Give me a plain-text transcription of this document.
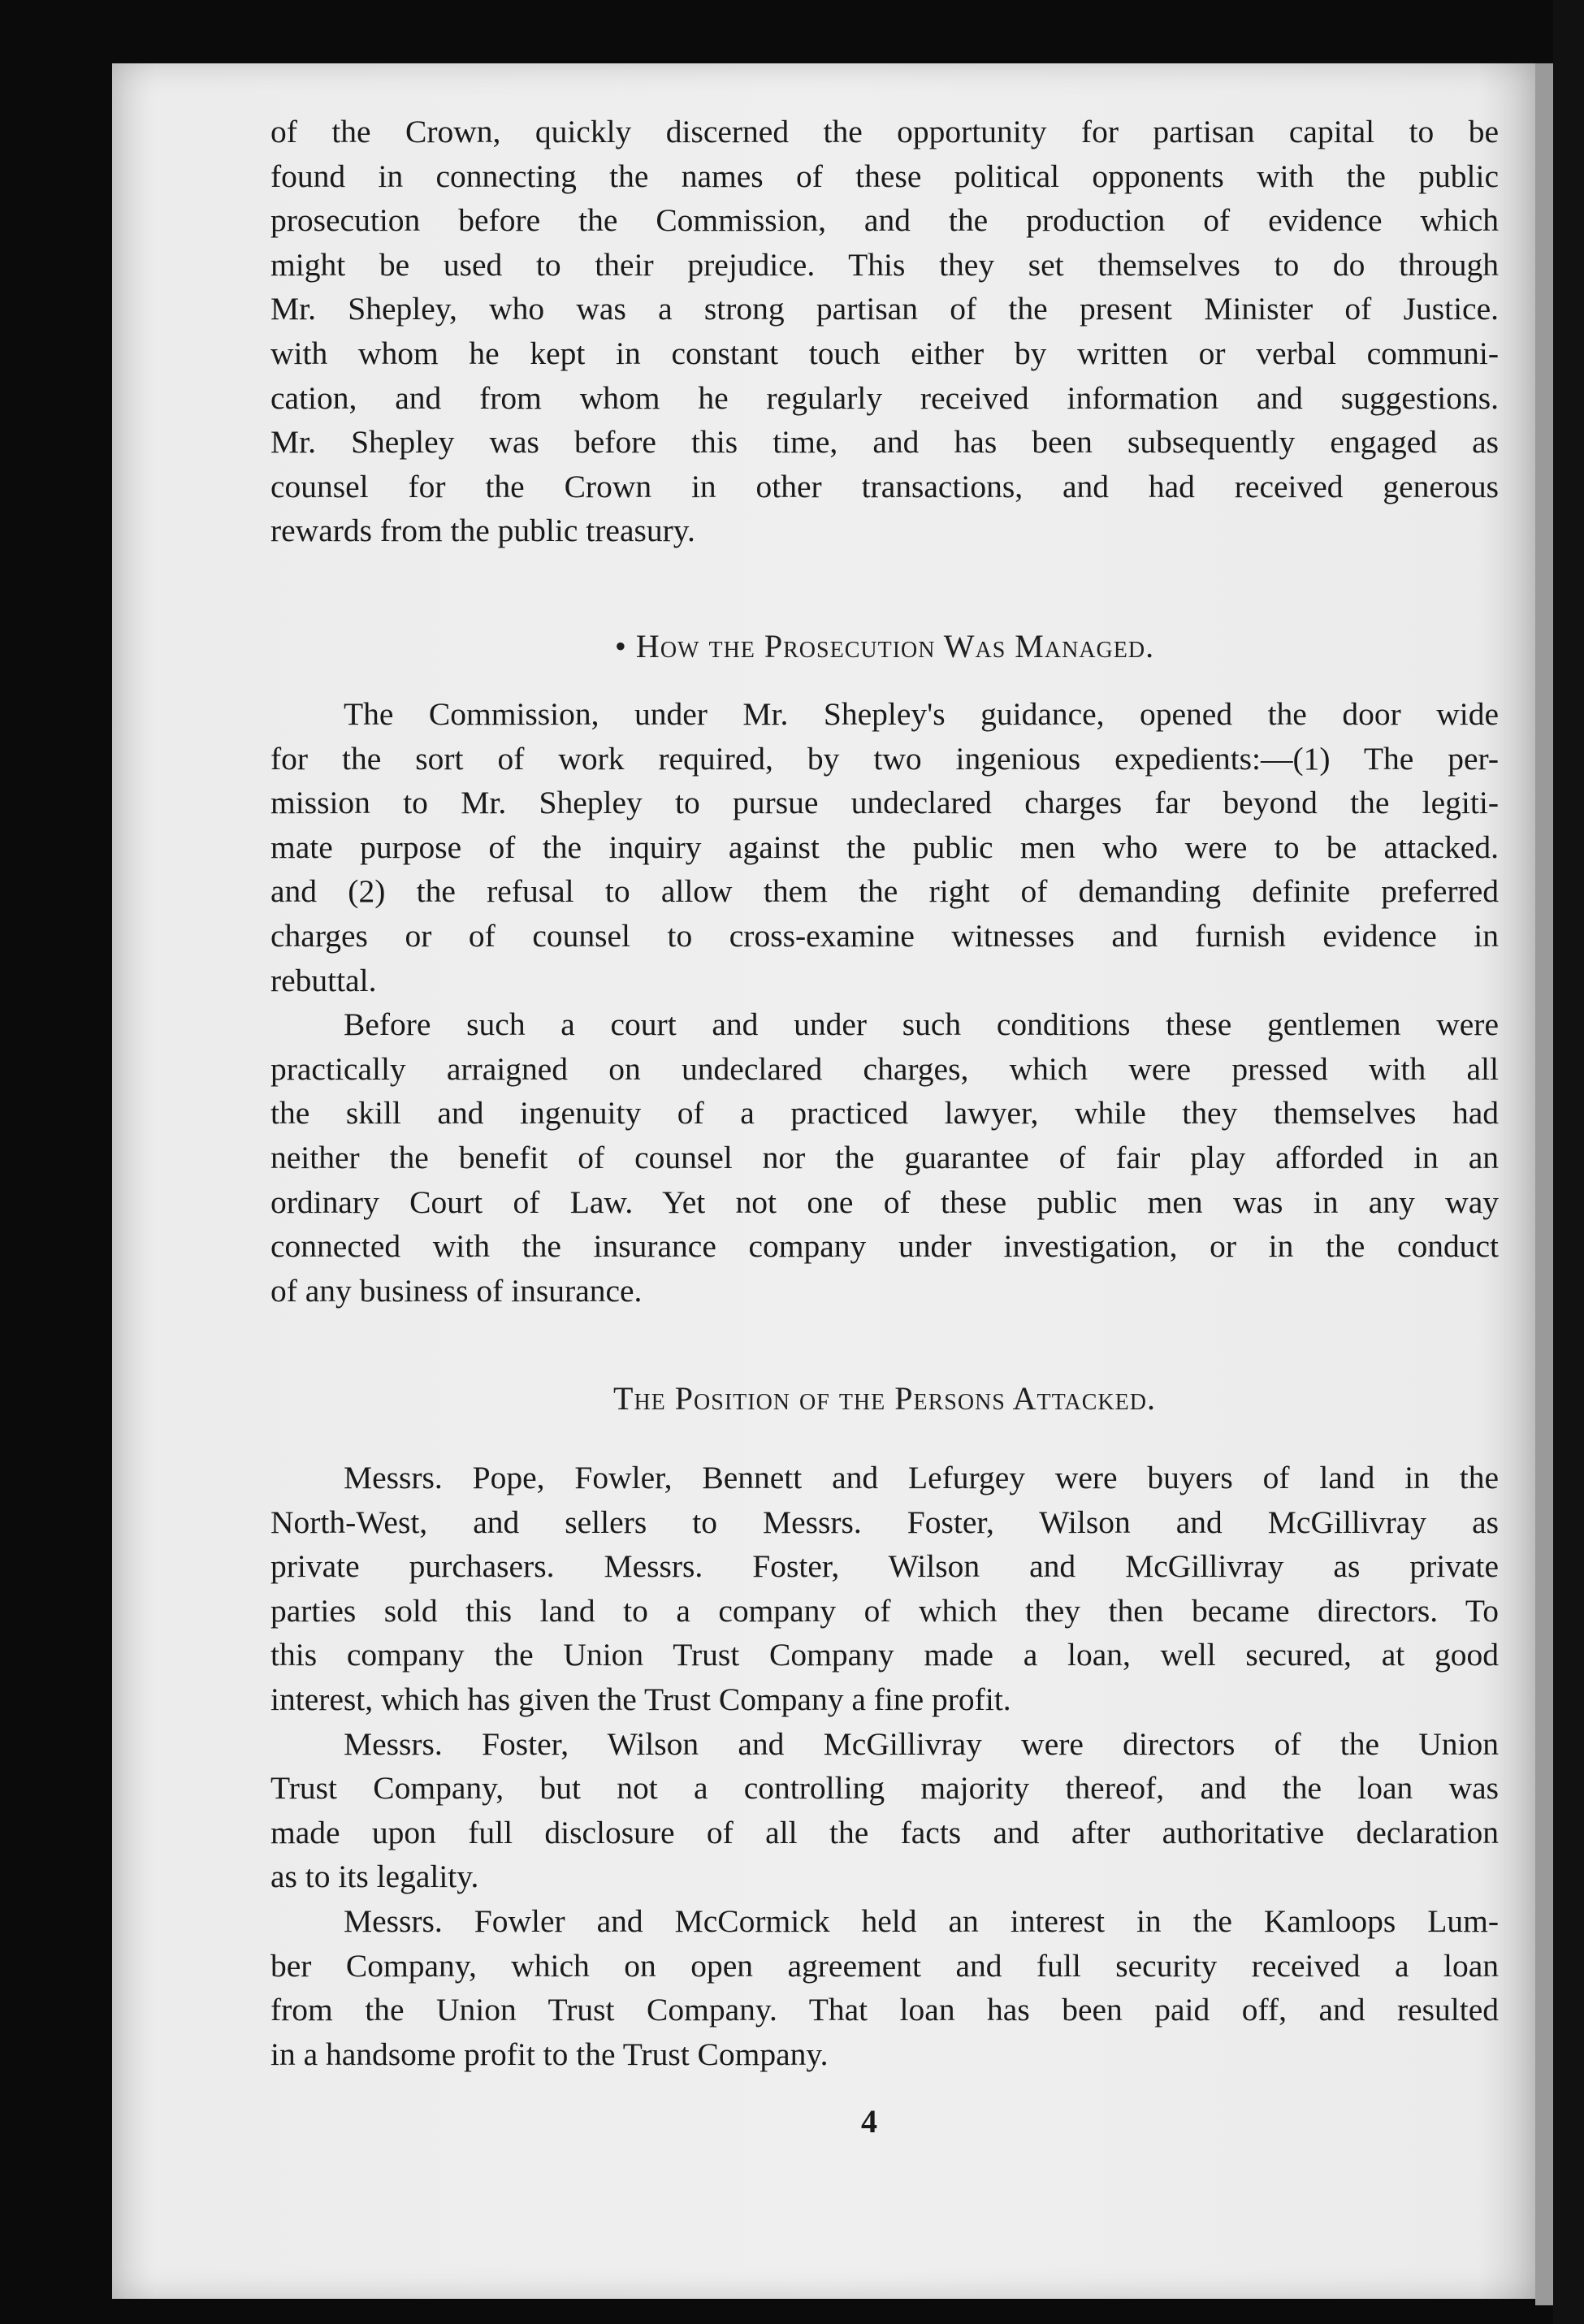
of the Crown, quickly discerned the opportunity for partisan capital to be
found in connecting the names of these political opponents with the public
prosecution before the Commission, and the production of evidence which
might be used to their prejudice. This they set themselves to do through
Mr. Shepley, who was a strong partisan of the present Minister of Justice.
with whom he kept in constant touch either by written or verbal communi-
cation, and from whom he regularly received information and suggestions.
Mr. Shepley was before this time, and has been subsequently engaged as
counsel for the Crown in other transactions, and had received generous
rewards from the public treasury.
• How the Prosecution Was Managed.
The Commission, under Mr. Shepley's guidance, opened the door wide
for the sort of work required, by two ingenious expedients:—(1) The per-
mission to Mr. Shepley to pursue undeclared charges far beyond the legiti-
mate purpose of the inquiry against the public men who were to be attacked.
and (2) the refusal to allow them the right of demanding definite preferred
charges or of counsel to cross-examine witnesses and furnish evidence in
rebuttal.
Before such a court and under such conditions these gentlemen were
practically arraigned on undeclared charges, which were pressed with all
the skill and ingenuity of a practiced lawyer, while they themselves had
neither the benefit of counsel nor the guarantee of fair play afforded in an
ordinary Court of Law. Yet not one of these public men was in any way
connected with the insurance company under investigation, or in the conduct
of any business of insurance.
The Position of the Persons Attacked.
Messrs. Pope, Fowler, Bennett and Lefurgey were buyers of land in the
North-West, and sellers to Messrs. Foster, Wilson and McGillivray as
private purchasers. Messrs. Foster, Wilson and McGillivray as private
parties sold this land to a company of which they then became directors. To
this company the Union Trust Company made a loan, well secured, at good
interest, which has given the Trust Company a fine profit.
Messrs. Foster, Wilson and McGillivray were directors of the Union
Trust Company, but not a controlling majority thereof, and the loan was
made upon full disclosure of all the facts and after authoritative declaration
as to its legality.
Messrs. Fowler and McCormick held an interest in the Kamloops Lum-
ber Company, which on open agreement and full security received a loan
from the Union Trust Company. That loan has been paid off, and resulted
in a handsome profit to the Trust Company.
4
